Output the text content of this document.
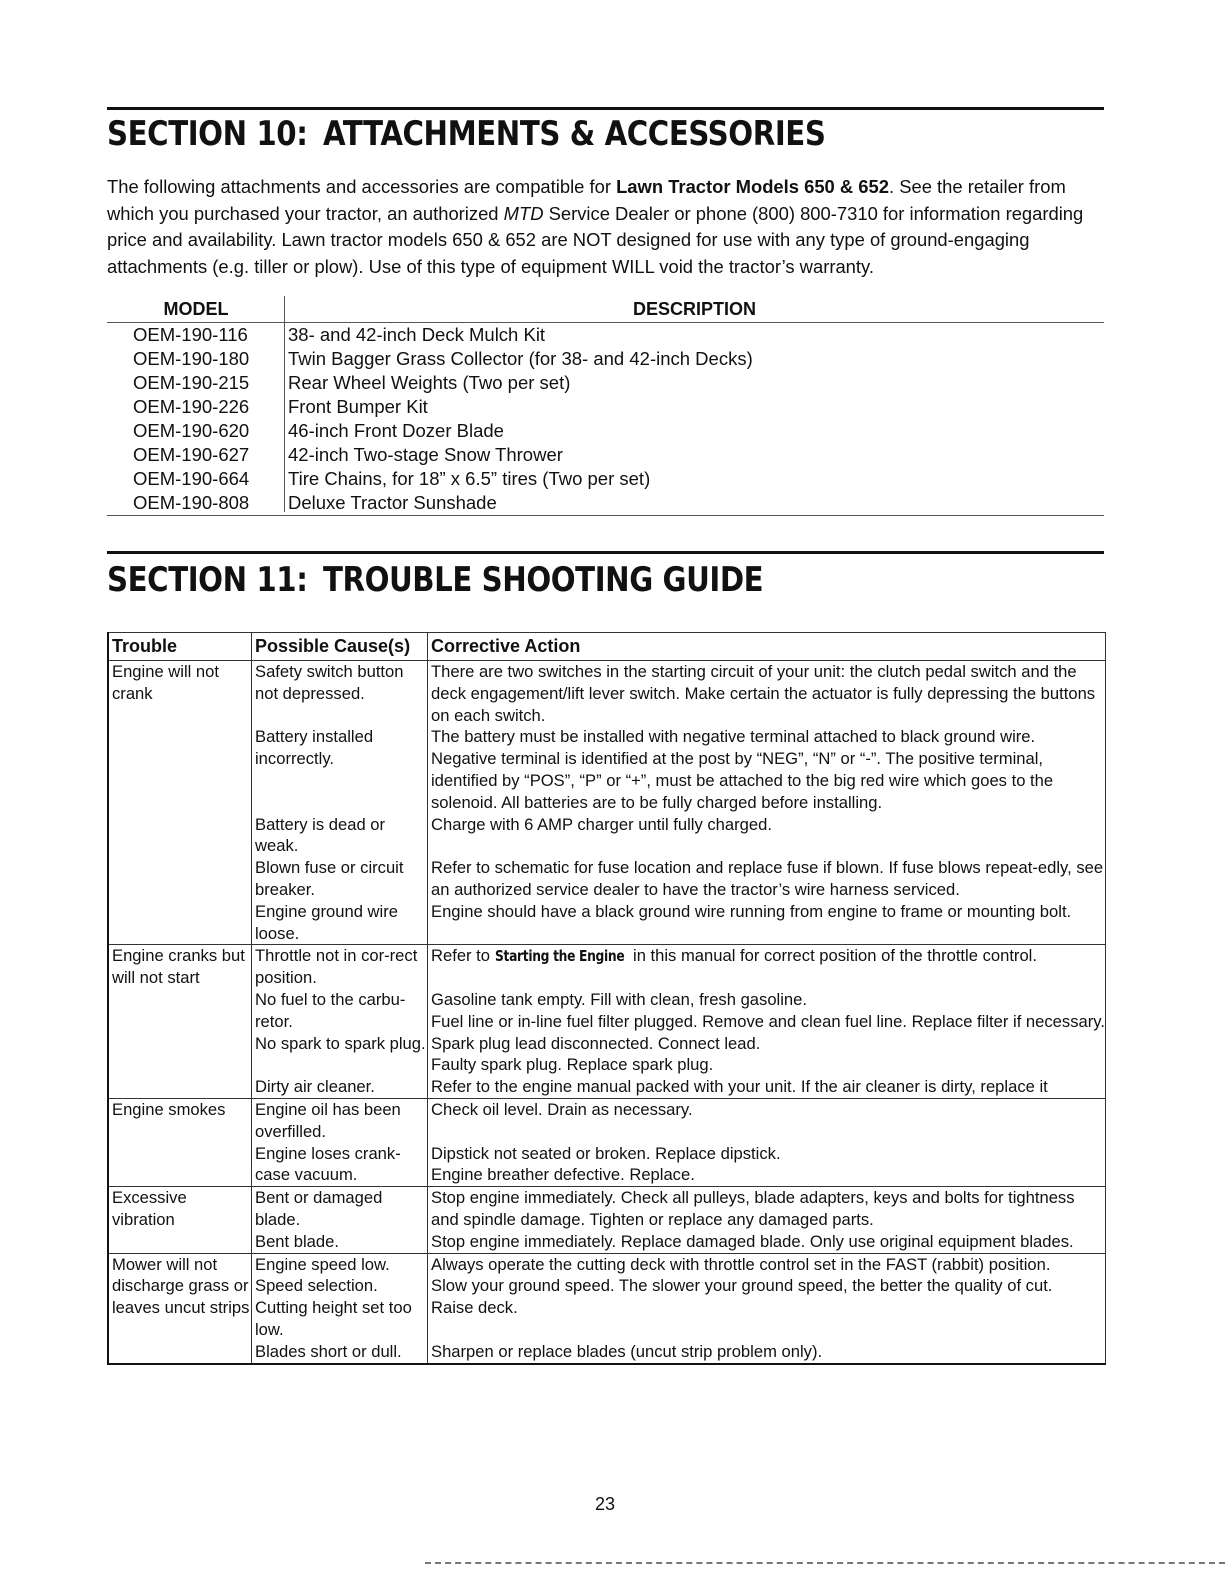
SECTION 10: ATTACHMENTS & ACCESSORIES

The following attachments and accessories are compatible for Lawn Tractor Models 650 & 652. See the retailer from which you purchased your tractor, an authorized MTD Service Dealer or phone (800) 800-7310 for information regarding price and availability. Lawn tractor models 650 & 652 are NOT designed for use with any type of ground-engaging attachments (e.g. tiller or plow). Use of this type of equipment WILL void the tractor’s warranty.

MODEL	DESCRIPTION
OEM-190-116	38- and 42-inch Deck Mulch Kit
OEM-190-180	Twin Bagger Grass Collector (for 38- and 42-inch Decks)
OEM-190-215	Rear Wheel Weights (Two per set)
OEM-190-226	Front Bumper Kit
OEM-190-620	46-inch Front Dozer Blade
OEM-190-627	42-inch Two-stage Snow Thrower
OEM-190-664	Tire Chains, for 18” x 6.5” tires (Two per set)
OEM-190-808	Deluxe Tractor Sunshade
SECTION 11: TROUBLE SHOOTING GUIDE
Trouble	Possible Cause(s)	Corrective Action
Engine will not crank	Safety switch button not depressed.	There are two switches in the starting circuit of your unit: the clutch pedal switch and the deck engagement/lift lever switch. Make certain the actuator is fully depressing the buttons on each switch.
	Battery installed incorrectly.	The battery must be installed with negative terminal attached to black ground wire. Negative terminal is identified at the post by “NEG”, “N” or “-”. The positive terminal, identified by “POS”, “P” or “+”, must be attached to the big red wire which goes to the solenoid. All batteries are to be fully charged before installing.
	Battery is dead or weak.	Charge with 6 AMP charger until fully charged.
	Blown fuse or circuit breaker.	Refer to schematic for fuse location and replace fuse if blown. If fuse blows repeat-edly, see an authorized service dealer to have the tractor’s wire harness serviced.
	Engine ground wire loose.	Engine should have a black ground wire running from engine to frame or mounting bolt.
Engine cranks but will not start	Throttle not in cor-rect position.	Refer to Starting the Engine in this manual for correct position of the throttle control.
	No fuel to the carbu-retor.	Gasoline tank empty. Fill with clean, fresh gasoline.
Fuel line or in-line fuel filter plugged. Remove and clean fuel line. Replace filter if necessary.

	No spark to spark plug.	Spark plug lead disconnected. Connect lead.
Faulty spark plug. Replace spark plug.

	Dirty air cleaner.	Refer to the engine manual packed with your unit. If the air cleaner is dirty, replace it
Engine smokes	Engine oil has been overfilled.	Check oil level. Drain as necessary.
	Engine loses crank-case vacuum.	Dipstick not seated or broken. Replace dipstick.
Engine breather defective. Replace.

Excessive vibration	Bent or damaged blade.	Stop engine immediately. Check all pulleys, blade adapters, keys and bolts for tightness and spindle damage. Tighten or replace any damaged parts.
	Bent blade.	Stop engine immediately. Replace damaged blade. Only use original equipment blades.
Mower will not discharge grass or leaves uncut strips	Engine speed low.	Always operate the cutting deck with throttle control set in the FAST (rabbit) position.
	Speed selection.	Slow your ground speed. The slower your ground speed, the better the quality of cut.
	Cutting height set too low.	Raise deck.
	Blades short or dull.	Sharpen or replace blades (uncut strip problem only).
23
